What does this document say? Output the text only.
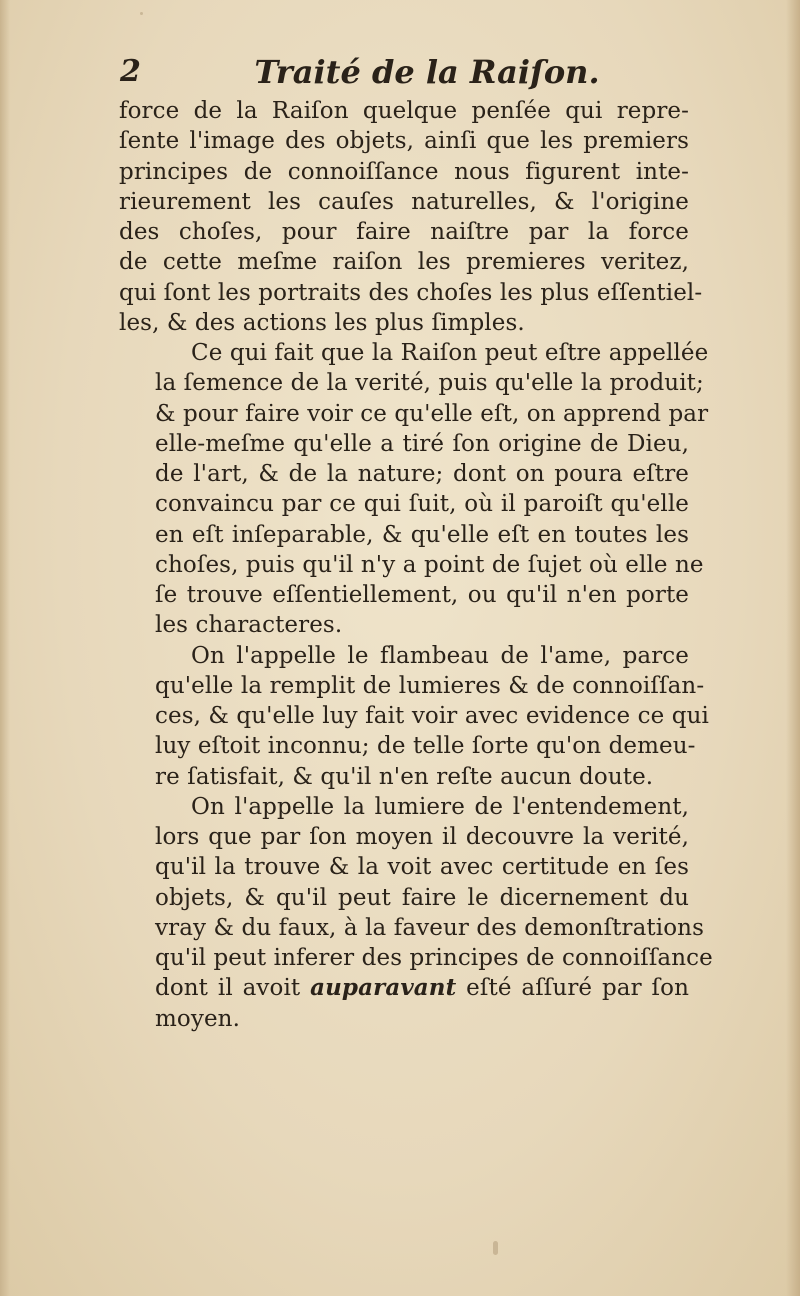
2	Traité de la Raiſon.

force de la Raiſon quelque penſée qui repre-
ſente l'image des objets, ainſi que les premiers
principes de connoiſſance nous figurent inte-
rieurement les cauſes naturelles, & l'origine
des choſes, pour faire naiſtre par la force
de cette meſme raiſon les premieres veritez,
qui ſont les portraits des choſes les plus eſſentiel-
les, & des actions les plus ſimples.

Ce qui fait que la Raiſon peut eſtre appellée
la ſemence de la verité, puis qu'elle la produit;
& pour faire voir ce qu'elle eſt, on apprend par
elle-meſme qu'elle a tiré ſon origine de Dieu,
de l'art, & de la nature; dont on poura eſtre
convaincu par ce qui ſuit, où il paroiſt qu'elle
en eſt inſeparable, & qu'elle eſt en toutes les
choſes, puis qu'il n'y a point de ſujet où elle ne
ſe trouve eſſentiellement, ou qu'il n'en porte
les characteres.

On l'appelle le flambeau de l'ame, parce
qu'elle la remplit de lumieres & de connoiſſan-
ces, & qu'elle luy fait voir avec evidence ce qui
luy eſtoit inconnu; de telle ſorte qu'on demeu-
re ſatisfait, & qu'il n'en reſte aucun doute.

On l'appelle la lumiere de l'entendement,
lors que par ſon moyen il decouvre la verité,
qu'il la trouve & la voit avec certitude en ſes
objets, & qu'il peut faire le dicernement du
vray & du faux, à la faveur des demonſtrations
qu'il peut inferer des principes de connoiſſance
dont il avoit auparavant eſté aſſuré par ſon
moyen.
